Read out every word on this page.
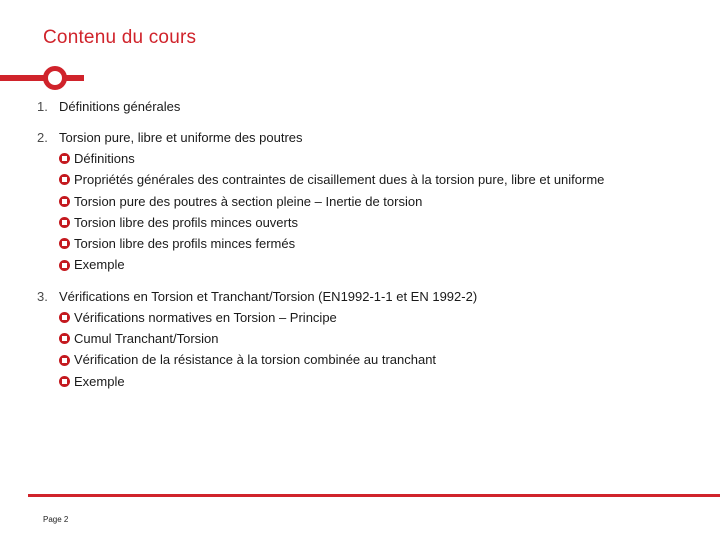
Contenu du cours
1. Définitions générales
2. Torsion pure, libre et uniforme des poutres
Définitions
Propriétés générales des contraintes de cisaillement dues à la torsion pure, libre et uniforme
Torsion pure des poutres à section pleine – Inertie de torsion
Torsion libre des profils minces ouverts
Torsion libre des profils minces fermés
Exemple
3. Vérifications en Torsion et Tranchant/Torsion (EN1992-1-1 et EN 1992-2)
Vérifications normatives en Torsion – Principe
Cumul Tranchant/Torsion
Vérification de la résistance à la torsion combinée au tranchant
Exemple
Page 2
